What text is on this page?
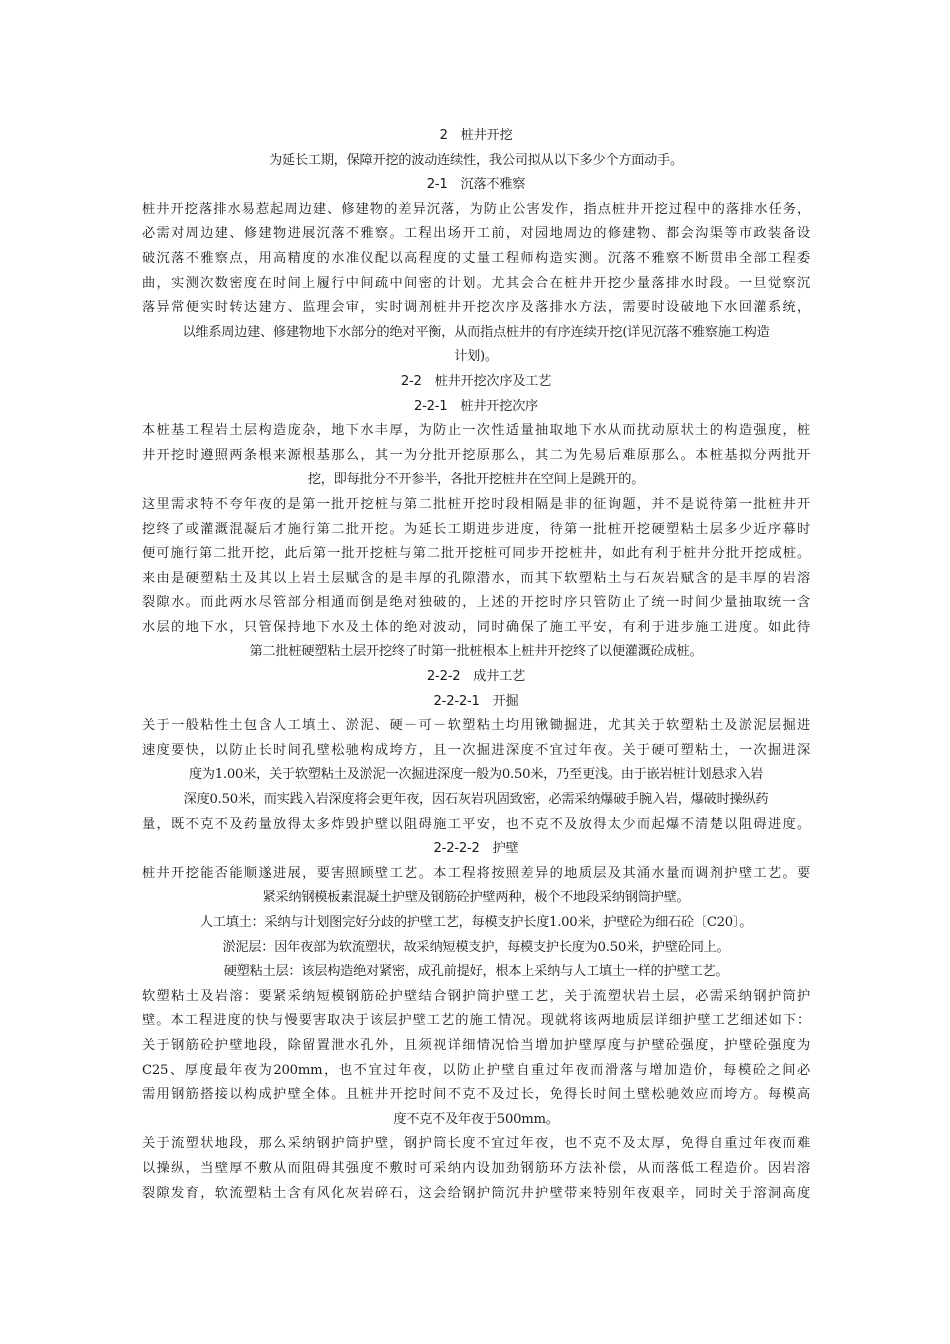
2　桩井开挖
为延长工期，保障开挖的波动连续性，我公司拟从以下多少个方面动手。
2-1　沉落不雅察
桩井开挖落排水易惹起周边建、修建物的差异沉落，为防止公害发作，指点桩井开挖过程中的落排水任务，
必需对周边建、修建物进展沉落不雅察。工程出场开工前，对园地周边的修建物、都会沟渠等市政装备设
破沉落不雅察点，用高精度的水准仪配以高程度的丈量工程师构造实测。沉落不雅察不断贯串全部工程委
曲，实测次数密度在时间上履行中间疏中间密的计划。尤其会合在桩井开挖少量落排水时段。一旦觉察沉
落异常便实时转达建方、监理会审，实时调剂桩井开挖次序及落排水方法，需要时设破地下水回灌系统，
以维系周边建、修建物地下水部分的绝对平衡，从而指点桩井的有序连续开挖(详见沉落不雅察施工构造
计划)。
2-2　桩井开挖次序及工艺
2-2-1　桩井开挖次序
本桩基工程岩土层构造庞杂，地下水丰厚，为防止一次性适量抽取地下水从而扰动原状土的构造强度，桩
井开挖时遵照两条根来源根基那么，其一为分批开挖原那么，其二为先易后难原那么。本桩基拟分两批开
挖，即每批分不开参半，各批开挖桩井在空间上是跳开的。
这里需求特不夸年夜的是第一批开挖桩与第二批桩开挖时段相隔是非的征询题，并不是说待第一批桩井开
挖终了或灌溉混凝后才施行第二批开挖。为延长工期进步进度，待第一批桩开挖硬塑粘土层多少近序幕时
便可施行第二批开挖，此后第一批开挖桩与第二批开挖桩可同步开挖桩井，如此有利于桩井分批开挖成桩。
来由是硬塑粘土及其以上岩土层赋含的是丰厚的孔隙潜水，而其下软塑粘土与石灰岩赋含的是丰厚的岩溶
裂隙水。而此两水尽管部分相通而倒是绝对独破的，上述的开挖时序只管防止了统一时间少量抽取统一含
水层的地下水，只管保持地下水及土体的绝对波动，同时确保了施工平安，有利于进步施工进度。如此待
第二批桩硬塑粘土层开挖终了时第一批桩根本上桩井开挖终了以便灌溉砼成桩。
2-2-2　成井工艺
2-2-2-1　开掘
关于一般粘性土包含人工填土、淤泥、硬－可－软塑粘土均用锹锄掘进，尤其关于软塑粘土及淤泥层掘进
速度要快，以防止长时间孔壁松驰构成垮方，且一次掘进深度不宜过年夜。关于硬可塑粘土，一次掘进深
度为1.00米，关于软塑粘土及淤泥一次掘进深度一般为0.50米，乃至更浅。由于嵌岩桩计划悬求入岩
深度0.50米，而实践入岩深度将会更年夜，因石灰岩巩固致密，必需采纳爆破手腕入岩，爆破时操纵药
量，既不克不及药量放得太多炸毁护壁以阻碍施工平安，也不克不及放得太少而起爆不清楚以阻碍进度。
2-2-2-2　护壁
桩井开挖能否能顺遂进展，要害照顾壁工艺。本工程将按照差异的地质层及其涌水量而调剂护壁工艺。要
紧采纳钢模板素混凝土护壁及钢筋砼护壁两种，极个不地段采纳钢筒护壁。
人工填土：采纳与计划图完好分歧的护壁工艺，每模支护长度1.00米，护壁砼为细石砼〔C20〕。
淤泥层：因年夜部为软流塑状，故采纳短模支护，每模支护长度为0.50米，护壁砼同上。
硬塑粘土层：该层构造绝对紧密，成孔前提好，根本上采纳与人工填土一样的护壁工艺。
软塑粘土及岩溶：要紧采纳短模钢筋砼护壁结合钢护筒护壁工艺，关于流塑状岩土层，必需采纳钢护筒护
壁。本工程进度的快与慢要害取决于该层护壁工艺的施工情况。现就将该两地质层详细护壁工艺细述如下：
关于钢筋砼护壁地段，除留置泄水孔外，且须视详细情况恰当增加护壁厚度与护壁砼强度，护壁砼强度为
C25、厚度最年夜为200mm，也不宜过年夜，以防止护壁自重过年夜而滑落与增加造价，每模砼之间必
需用钢筋搭接以构成护壁全体。且桩井开挖时间不克不及过长，免得长时间土壁松驰效应而垮方。每模高
度不克不及年夜于500mm。
关于流塑状地段，那么采纳钢护筒护壁，钢护筒长度不宜过年夜，也不克不及太厚，免得自重过年夜而难
以操纵，当壁厚不敷从而阻碍其强度不敷时可采纳内设加劲钢筋环方法补偿，从而落低工程造价。因岩溶
裂隙发育，软流塑粘土含有风化灰岩碎石，这会给钢护筒沉井护壁带来特别年夜艰辛，同时关于溶洞高度
